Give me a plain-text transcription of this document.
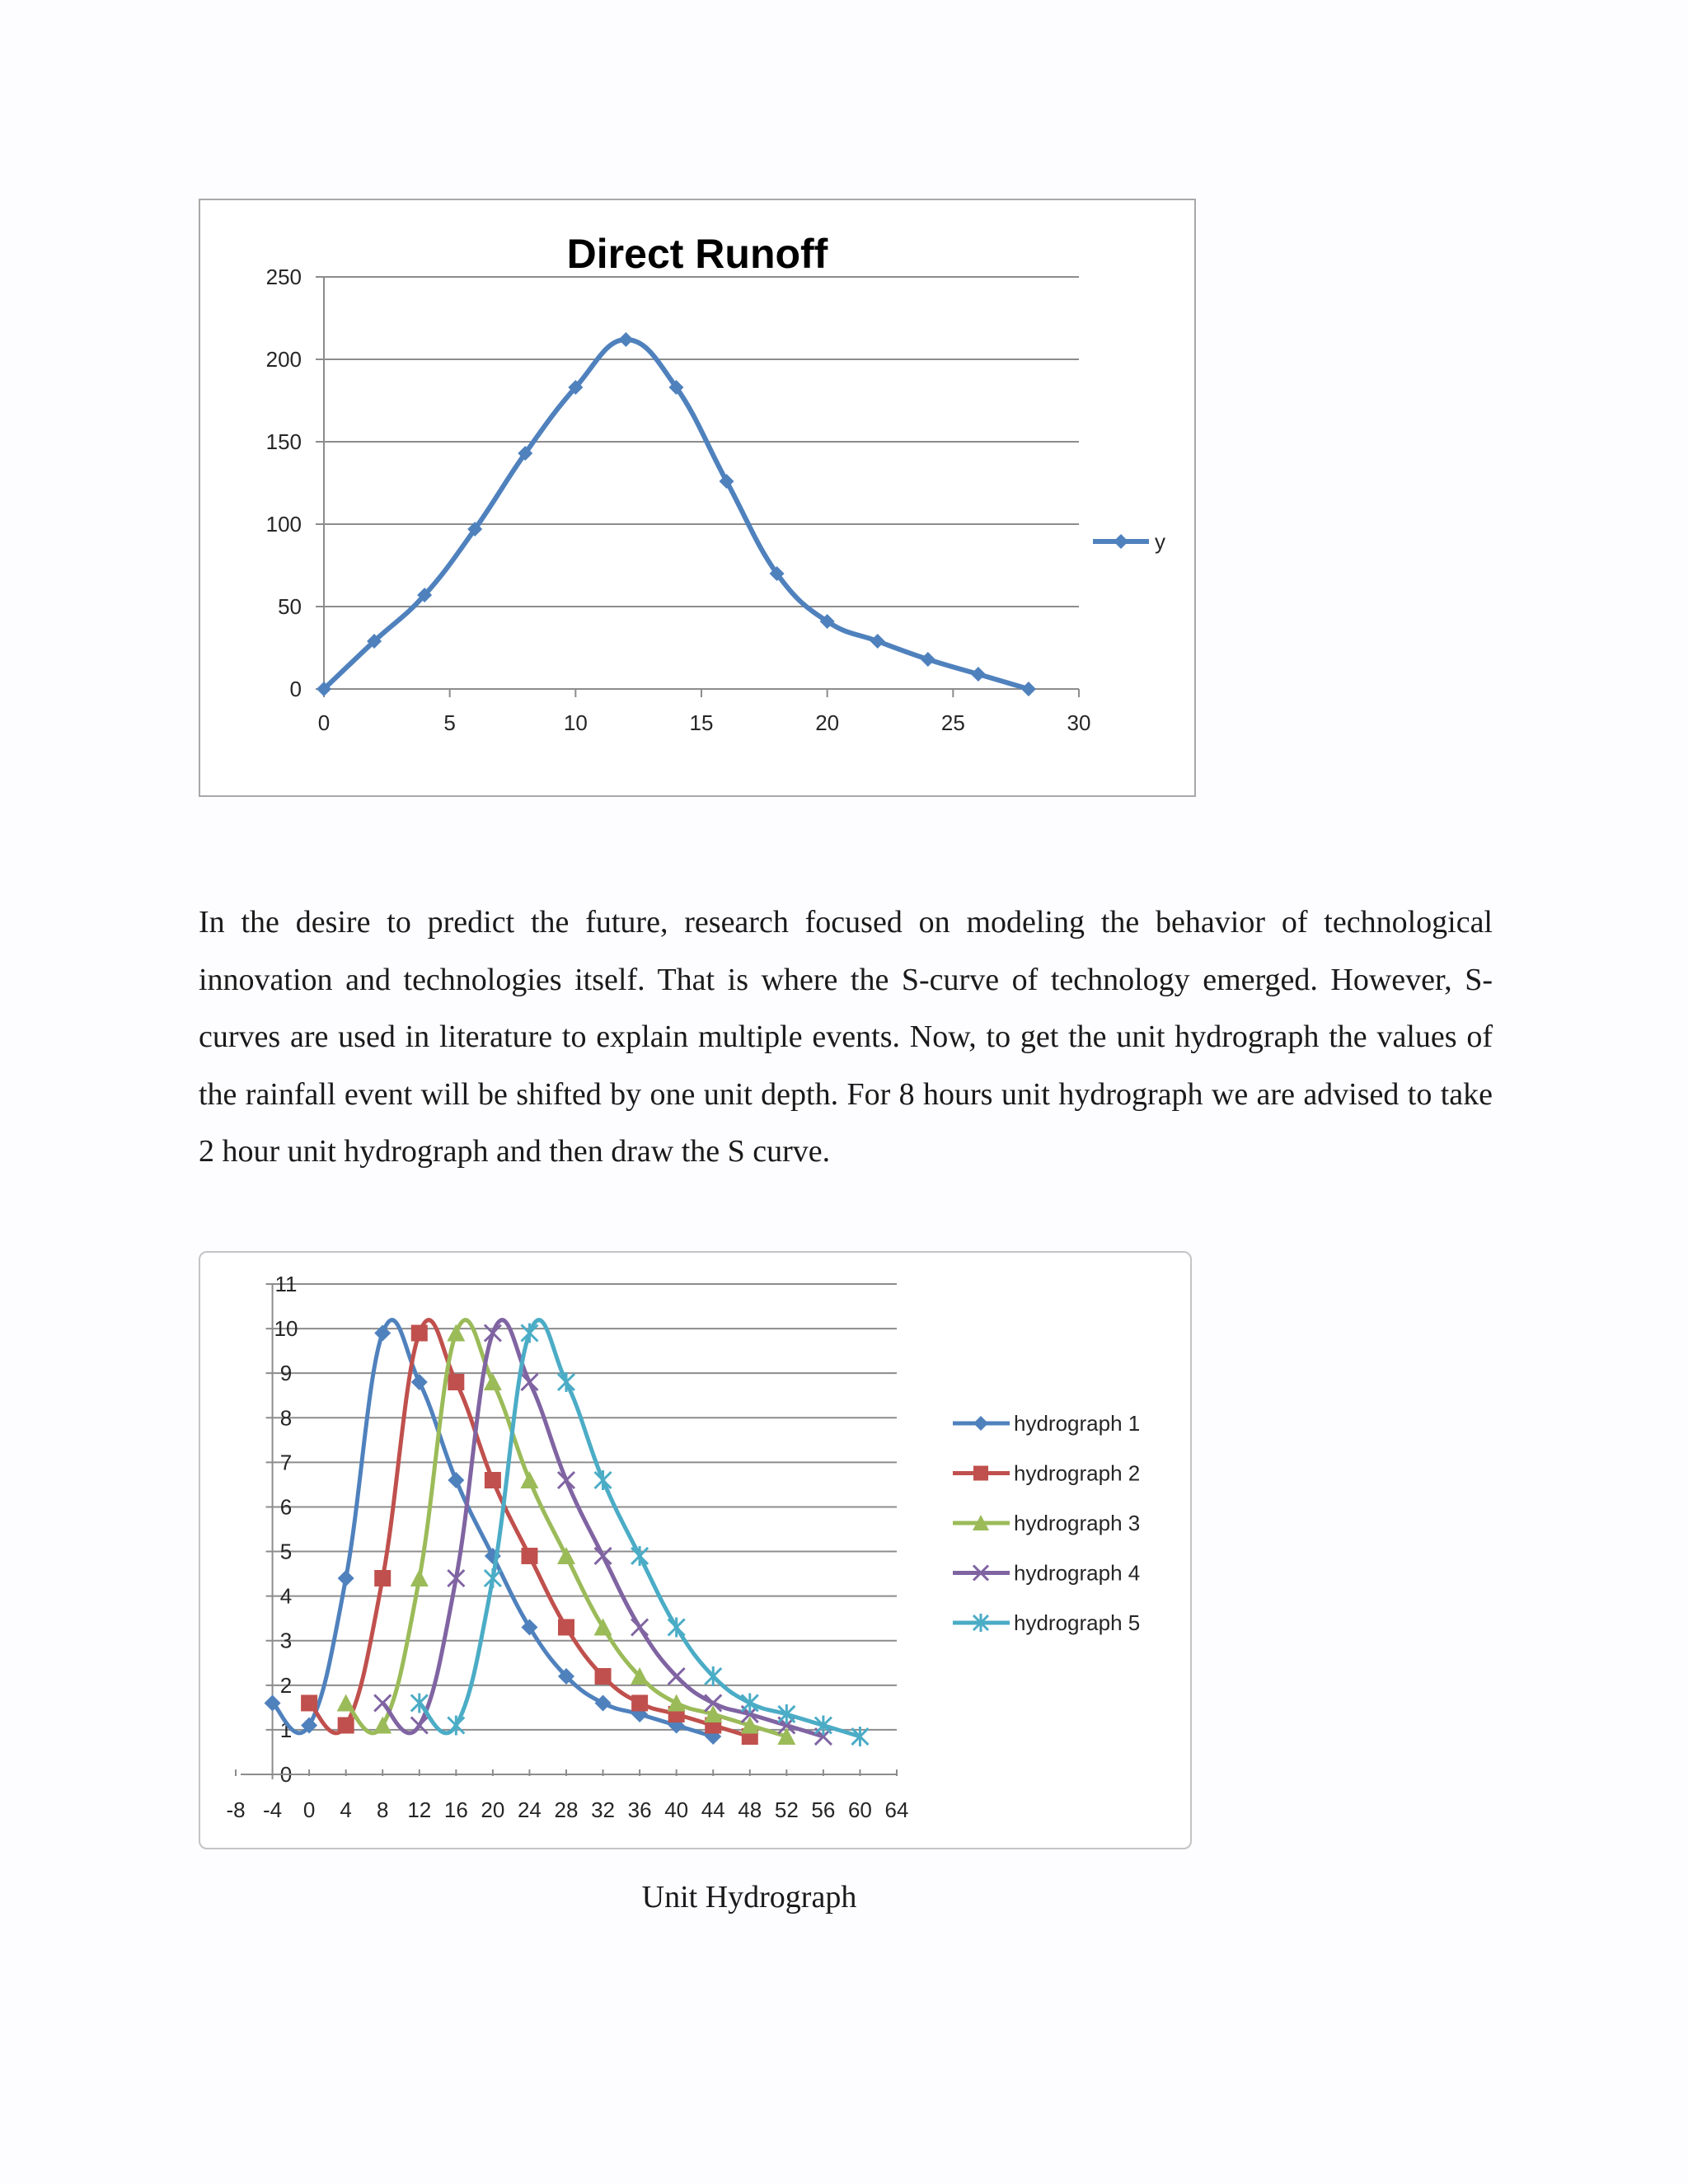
0
50
100
150
200
250
0	5	10	15	20	25	30
Direct Runoff
y

In the desire to predict the future, research focused on modeling the behavior of technological innovation and technologies itself. That is where the S-curve of technology emerged. However, S-curves are used in literature to explain multiple events. Now, to get the unit hydrograph the values of the rainfall event will be shifted by one unit depth. For 8 hours unit hydrograph we are advised to take 2 hour unit hydrograph and then draw the S curve.

0
1
2
3
4
5
6
7
8
9
10
11
-8 -4 0 4 8 12 16 20 24 28 32 36 40 44 48 52 56 60 64
hydrograph 1
hydrograph 2
hydrograph 3
hydrograph 4
hydrograph 5
Unit Hydrograph
